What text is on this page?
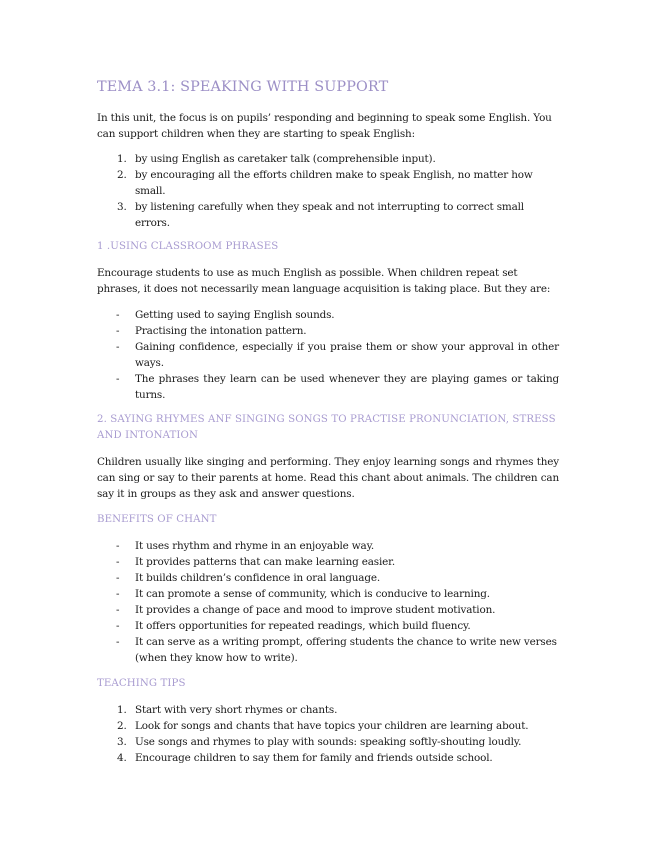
TEMA 3.1: SPEAKING WITH SUPPORT

In this unit, the focus is on pupils’ responding and beginning to speak some English. You can support children when they are starting to speak English:

1. by using English as caretaker talk (comprehensible input).
2. by encouraging all the efforts children make to speak English, no matter how small.
3. by listening carefully when they speak and not interrupting to correct small errors.
1 .USING CLASSROOM PHRASES

Encourage students to use as much English as possible. When children repeat set phrases, it does not necessarily mean language acquisition is taking place. But they are:

- Getting used to saying English sounds.
- Practising the intonation pattern.
- Gaining confidence, especially if you praise them or show your approval in other ways.
- The phrases they learn can be used whenever they are playing games or taking turns.
2. SAYING RHYMES ANF SINGING SONGS TO PRACTISE PRONUNCIATION, STRESS AND INTONATION

Children usually like singing and performing. They enjoy learning songs and rhymes they can sing or say to their parents at home. Read this chant about animals. The children can say it in groups as they ask and answer questions.

BENEFITS OF CHANT
- It uses rhythm and rhyme in an enjoyable way.
- It provides patterns that can make learning easier.
- It builds children’s confidence in oral language.
- It can promote a sense of community, which is conducive to learning.
- It provides a change of pace and mood to improve student motivation.
- It offers opportunities for repeated readings, which build fluency.
- It can serve as a writing prompt, offering students the chance to write new verses (when they know how to write).
TEACHING TIPS
1. Start with very short rhymes or chants.
2. Look for songs and chants that have topics your children are learning about.
3. Use songs and rhymes to play with sounds: speaking softly-shouting loudly.
4. Encourage children to say them for family and friends outside school.
